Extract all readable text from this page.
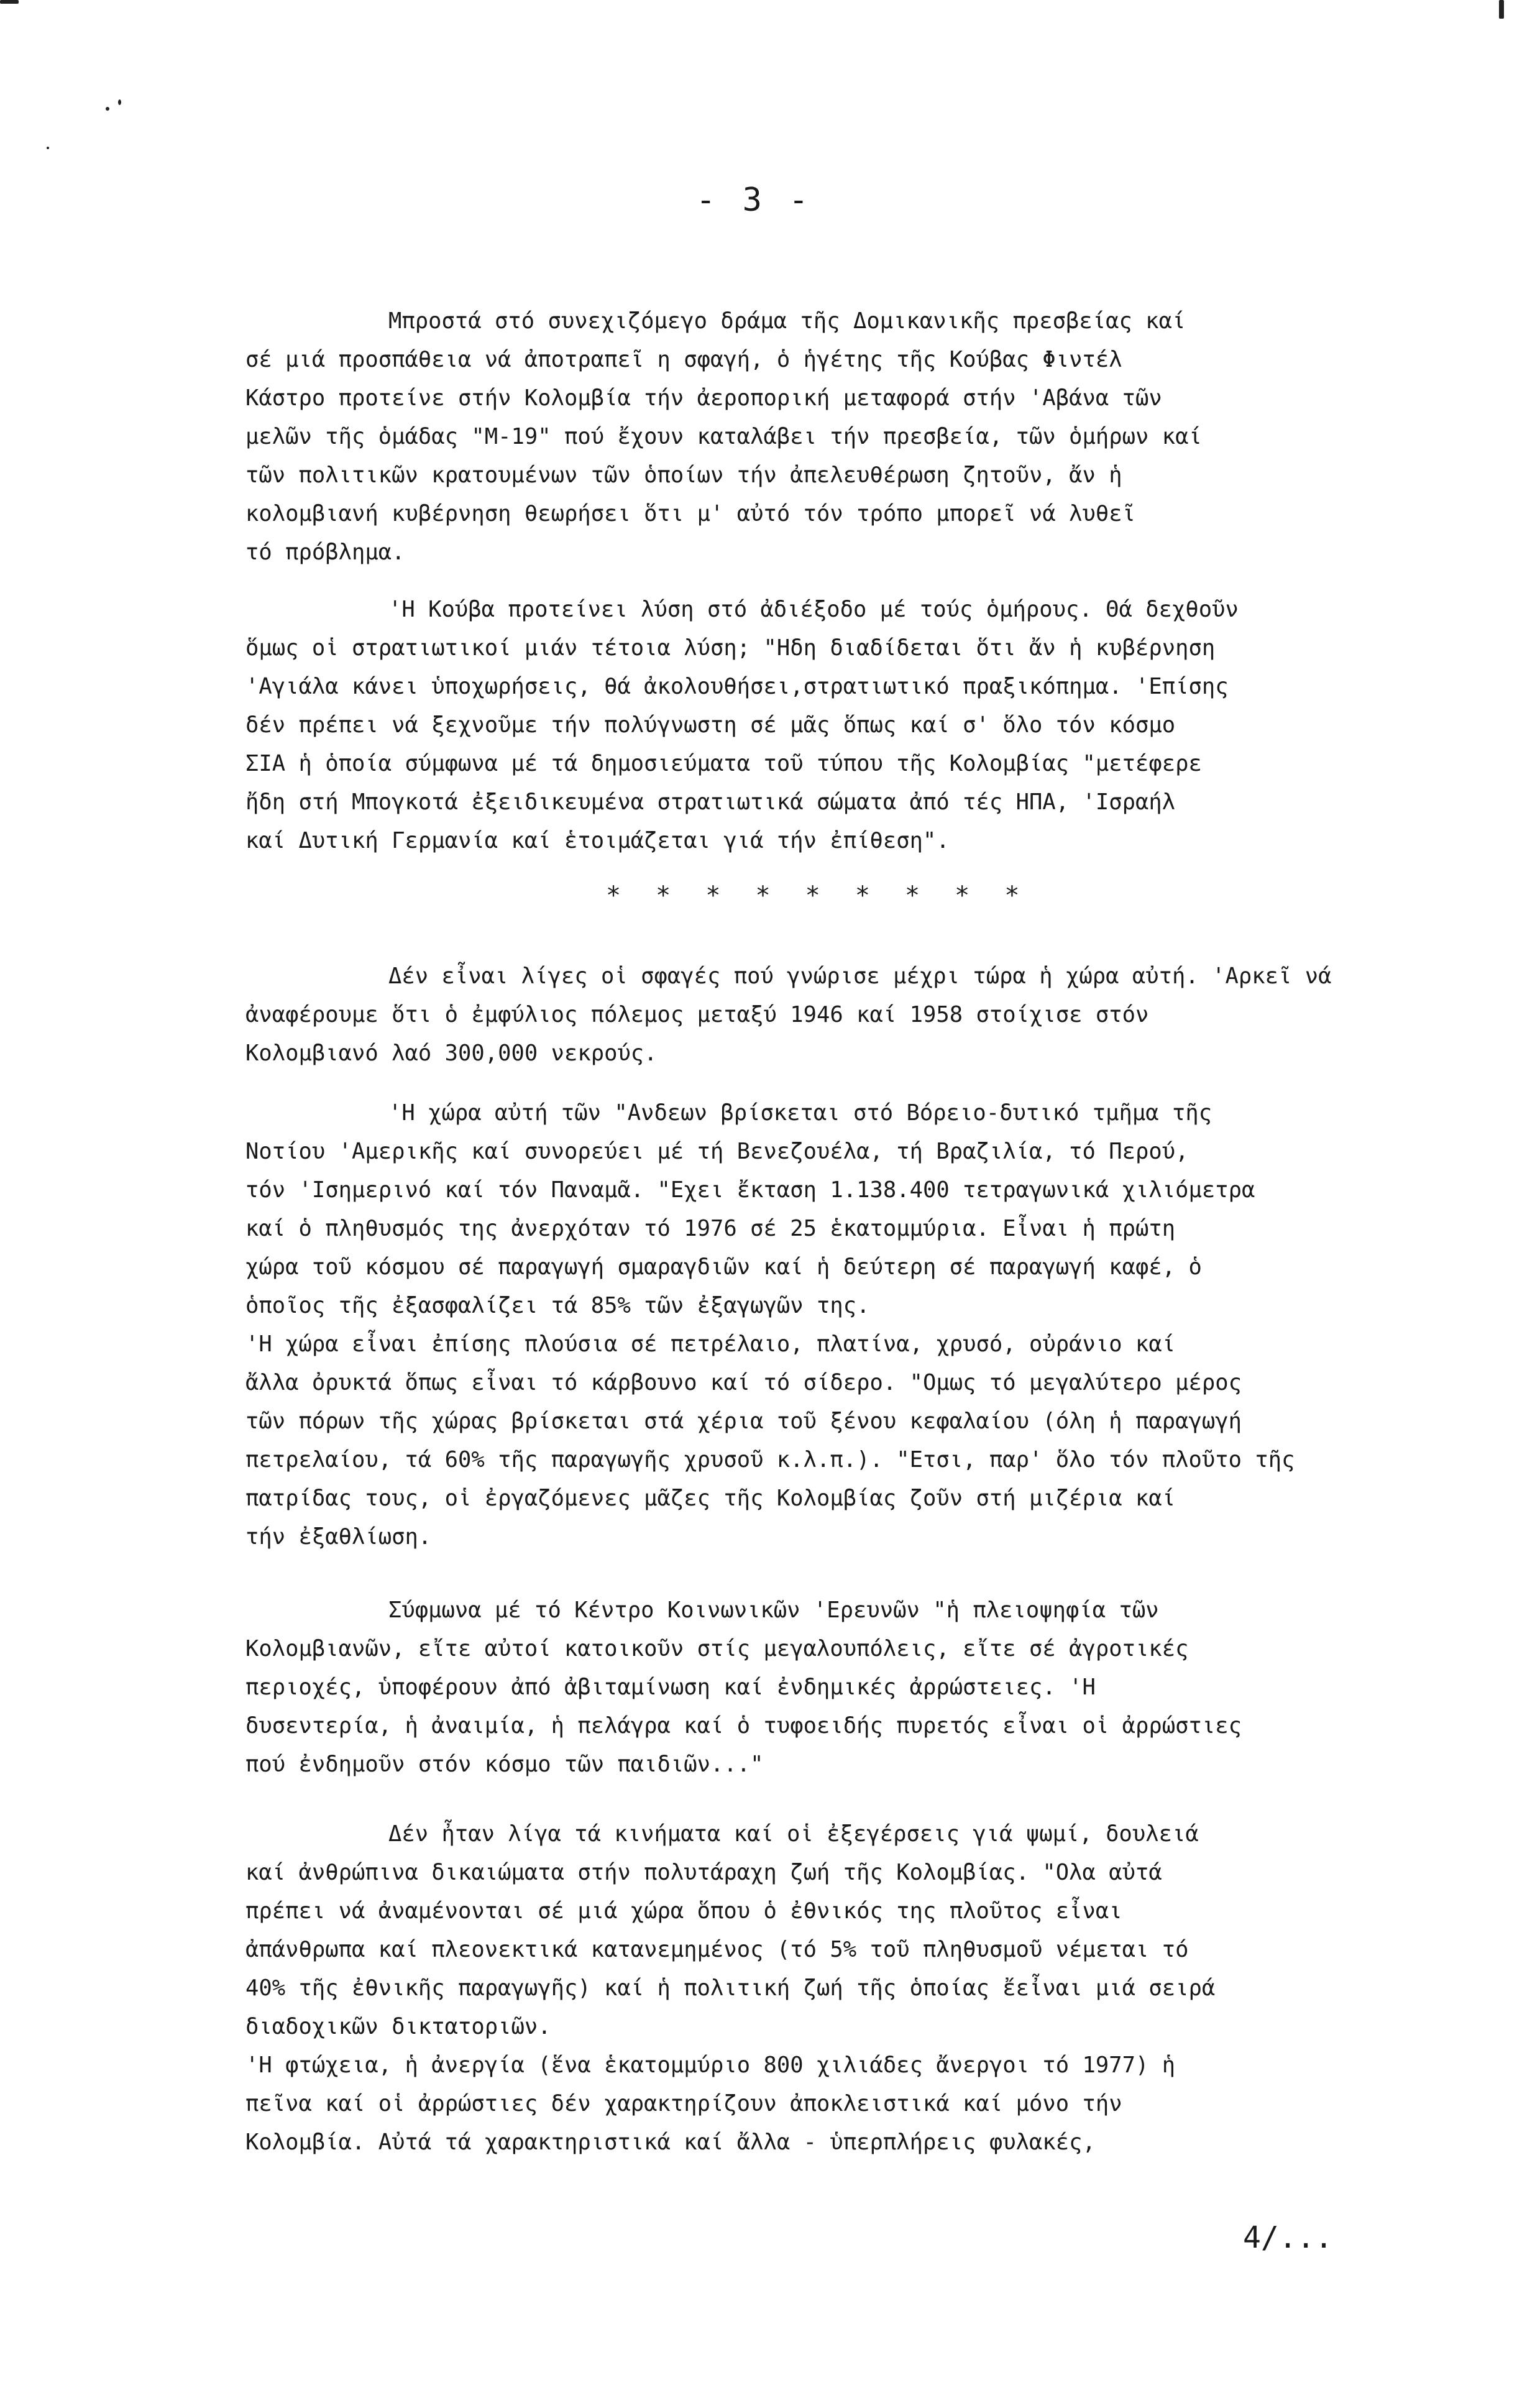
- 3 -
Μπροστά στό συνεχιζόμεγο δράμα τῆς Δομικανικῆς πρεσβείας καί
σέ μιά προσπάθεια νά ἀποτραπεῖ η σφαγή, ὁ ἡγέτης τῆς Κούβας Φιντέλ
Κάστρο προτείνε στήν Κολομβία τήν ἀεροπορική μεταφορά στήν 'Αβάνα τῶν
μελῶν τῆς ὁμάδας "Μ-19" πού ἔχουν καταλάβει τήν πρεσβεία, τῶν ὁμήρων καί
τῶν πολιτικῶν κρατουμένων τῶν ὁποίων τήν ἀπελευθέρωση ζητοῦν, ἄν ἡ
κολομβιανή κυβέρνηση θεωρήσει ὅτι μ' αὐτό τόν τρόπο μπορεῖ νά λυθεῖ
τό πρόβλημα.
'Η Κούβα προτείνει λύση στό ἀδιέξοδο μέ τούς ὁμήρους. Θά δεχθοῦν
ὅμως οἱ στρατιωτικοί μιάν τέτοια λύση; "Ηδη διαδίδεται ὅτι ἄν ἡ κυβέρνηση
'Αγιάλα κάνει ὑποχωρήσεις, θά ἀκολουθήσει,στρατιωτικό πραξικόπημα. 'Επίσης
δέν πρέπει νά ξεχνοῦμε τήν πολύγνωστη σέ μᾶς ὅπως καί σ' ὅλο τόν κόσμο
ΣΙΑ ἡ ὁποία σύμφωνα μέ τά δημοσιεύματα τοῦ τύπου τῆς Κολομβίας "μετέφερε
ἤδη στή Μπογκοτά ἐξειδικευμένα στρατιωτικά σώματα ἀπό τές ΗΠΑ, 'Ισραήλ
καί Δυτική Γερμανία καί ἑτοιμάζεται γιά τήν ἐπίθεση".
* * * * * * * * *
Δέν εἶναι λίγες οἱ σφαγές πού γνώρισε μέχρι τώρα ἡ χώρα αὐτή. 'Αρκεῖ νά
ἀναφέρουμε ὅτι ὁ ἐμφύλιος πόλεμος μεταξύ 1946 καί 1958 στοίχισε στόν
Κολομβιανό λαό 300,000 νεκρούς.
'Η χώρα αὐτή τῶν "Ανδεων βρίσκεται στό Βόρειο-δυτικό τμῆμα τῆς
Νοτίου 'Αμερικῆς καί συνορεύει μέ τή Βενεζουέλα, τή Βραζιλία, τό Περού,
τόν 'Ισημερινό καί τόν Παναμᾶ. "Εχει ἔκταση 1.138.400 τετραγωνικά χιλιόμετρα
καί ὁ πληθυσμός της ἀνερχόταν τό 1976 σέ 25 ἑκατομμύρια. Εἶναι ἡ πρώτη
χώρα τοῦ κόσμου σέ παραγωγή σμαραγδιῶν καί ἡ δεύτερη σέ παραγωγή καφέ, ὁ
ὁποῖος τῆς ἐξασφαλίζει τά 85% τῶν ἐξαγωγῶν της.
'Η χώρα εἶναι ἐπίσης πλούσια σέ πετρέλαιο, πλατίνα, χρυσό, οὐράνιο καί
ἄλλα ὀρυκτά ὅπως εἶναι τό κάρβουνο καί τό σίδερο. "Ομως τό μεγαλύτερο μέρος
τῶν πόρων τῆς χώρας βρίσκεται στά χέρια τοῦ ξένου κεφαλαίου (όλη ἡ παραγωγή
πετρελαίου, τά 60% τῆς παραγωγῆς χρυσοῦ κ.λ.π.). "Ετσι, παρ' ὅλο τόν πλοῦτο τῆς
πατρίδας τους, οἱ ἐργαζόμενες μᾶζες τῆς Κολομβίας ζοῦν στή μιζέρια καί
τήν ἐξαθλίωση.
Σύφμωνα μέ τό Κέντρο Κοινωνικῶν 'Ερευνῶν "ἡ πλειοψηφία τῶν
Κολομβιανῶν, εἴτε αὐτοί κατοικοῦν στίς μεγαλουπόλεις, εἴτε σέ ἀγροτικές
περιοχές, ὑποφέρουν ἀπό ἀβιταμίνωση καί ἐνδημικές ἀρρώστειες. 'Η
δυσεντερία, ἡ ἀναιμία, ἡ πελάγρα καί ὁ τυφοειδής πυρετός εἶναι οἱ ἀρρώστιες
πού ἐνδημοῦν στόν κόσμο τῶν παιδιῶν..."
Δέν ἦταν λίγα τά κινήματα καί οἱ ἐξεγέρσεις γιά ψωμί, δουλειά
καί ἀνθρώπινα δικαιώματα στήν πολυτάραχη ζωή τῆς Κολομβίας. "Ολα αὐτά
πρέπει νά ἀναμένονται σέ μιά χώρα ὅπου ὁ ἐθνικός της πλοῦτος εἶναι
ἀπάνθρωπα καί πλεονεκτικά κατανεμημένος (τό 5% τοῦ πληθυσμοῦ νέμεται τό
40% τῆς ἐθνικῆς παραγωγῆς) καί ἡ πολιτική ζωή τῆς ὁποίας ἔεἶναι μιά σειρά
διαδοχικῶν δικτατοριῶν.
'Η φτώχεια, ἡ ἀνεργία (ἕνα ἑκατομμύριο 800 χιλιάδες ἄνεργοι τό 1977) ἡ
πεῖνα καί οἱ ἀρρώστιες δέν χαρακτηρίζουν ἀποκλειστικά καί μόνο τήν
Κολομβία. Αὐτά τά χαρακτηριστικά καί ἄλλα - ὑπερπλήρεις φυλακές,
4/...
